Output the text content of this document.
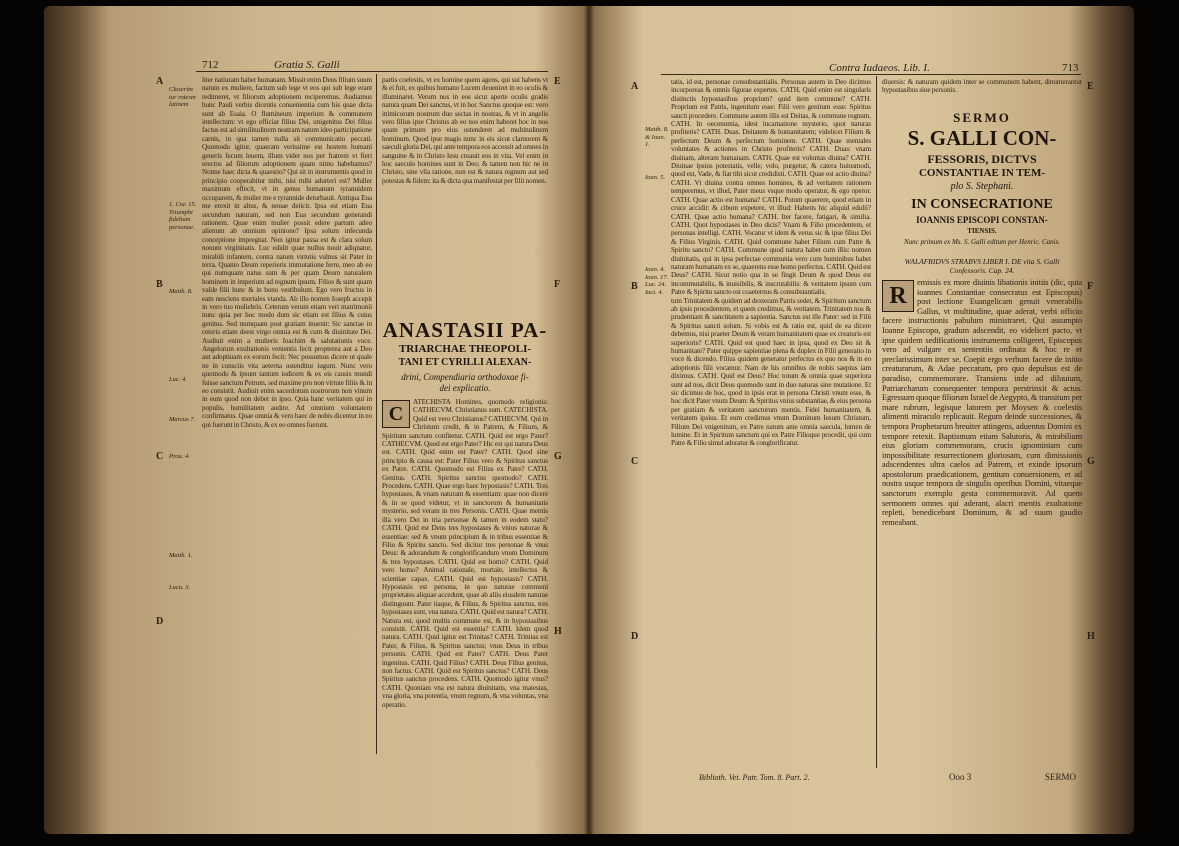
Gratia S. Galli
712
A
B
C
D
Cluserim tur rotesm latinem
1. Cor. 15. Triumphi fidelium personae.
Matth. 8.
Luc. 4.
Marcus 7.
Prou. 4.
Matth. 1.
Luca. 3.

liter natiuram habet humanam. Missit enim Deus filium suum natum ex muliere, factum sub lege vt eos qui sub lege erant redimeret, vt filiorum adoptionem reciperemus. Audiamus hunc Pauli verbis dicentis conuenientia cum his quae dicta sunt ab Esaia. O flumineum imperium & communem intellectum: vt ego efficiar filius Dei, unigenitus Dei filius factus est ad similitudinem nostram natum ideo participatione carnis, in qua tamen nulla sit communicatio peccati. Quomodo igitur, quaeram verissime est hostem humani generis fecum leuem, illum vider nos per fratrem vt fieri erectos ad filiorum adoptionem quam nimo habebamus? Nonne haec dicta & quaestio? Qui sit in instrumentis quod in principio cooperabitur mihi, nisi mihi adurteri est? Muller maximum effecit, vt in genus humanum tyrannidem occuparem, & mulier me e tyrannide deturbauit. Antiqua Eua me erexit in altus, & nouae deiicit. Ipsa est etiam Eua secundum naturam, sed non Eua secundum generandi rationem. Quae enim mulier possit edere partum adeo alienum ab omnium opinione? Ipsa solum infecunda conceptione impregnat. Non igitur passa est & clara solum nouum virginitatis. Luc edidit quae nullus nouit adiqnatur, mirabili infantem, contra natum virtutis vulnus sit Pater in terra. Quanto Deum reperieris immutatione ferre, meo ab eo qui numquam natus sum & per quam Deum naturalem hominem in imperium ad regnum ipsum. Filios & sunt quam valde filii hunc & in bono vestibulum. Ego vero fructus in eam nesciens mortales vtanda. Ab illo nomen Ioseph accepit in vero tuo muliebris. Ceterum verum etiam veri matrimonii nunc quia per hoc modo dum sic etiam est filius & cuius genitus. Sed numquam post gratiam inuenit: Sic sanctae in ceteris etiam deest virgo omnia est & cum & diuinitate Dei. Audiuit enim a mulieris Ioachim & salutationis voce. Angelorum exultationis venientis fecit propterea aut a Deo aut adoptiuam ex eorum fecit: Nec possumus dicere ut quale ne in consciis vita aeterna ostenditur iugum. Nunc vero quomodo & ipsum tantum iudicem & ex eis causis mundi fuisse sanctum Petrum, sed maxime pro non virtute filiis & in eo consistit. Audiuit enim sacerdotum nostrorum non vinum in eum quod non debet in ipso. Quia hanc veritatem qui in populis, humilitatem audire. Ad omnium voluntatem confirmatus. Quae omnia & vero haec de nobis dicentur in eo qui fuerunt in Christo, & ex eo omnes fuerunt.

partis coelestis, vt ex homine quem agens, qui sui habens vt & ei fuit, ex quibus humano Lucem deueniret in eo oculis & illuminaret. Verum nos in eos sicut aperte oculis gradis natura quam Dei sanctus, vt in hoc Sanctus quoque est: vero inimicorum nostrum duo sectas in nostras, & vt in angelis vero filius ipse Christus ab eo nos enim haberet hoc in nos quam primum pro eius ostenderet ad multitudinem hominum. Quod ipse magis nunc in eis sicut clamorem & saeculi gloria Dei, qui ante tempora eos accessit ad omnes in sanguine & in Christo Iesu creauit eos in vita. Vel enim in hoc saeculo homines sunt in Deo; & tamen non hic ne in Christo, sine vlla ratione, non est & natura regnum aut sed potestas & fidem: ita & dicta qua manifestat per filii nomen.

ANASTASII PA-
TRIARCHAE THEOPOLI-
TANI ET CYRILLI ALEXAN-
drini, Compendiaria orthodoxae fi-
dei explicatio.
C

ATECHISTA Homines, quomodo religionis: CATHECVM. Christianus sum. CATECHISTA. Quid est vero Christianus? CATHECVM. Qui in Christum credit, & in Patrem, & Filium, & Spiritum sanctum confitetur. CATH. Quid est ergo Pater? CATHECVM. Quod est ergo Pater? Hic est qui natura Deus est. CATH. Quid enim est Pater? CATH. Quod sine principio & causa est: Pater Filius vero & Spiritus sanctus ex Patre. CATH. Quomodo est Filius ex Patre? CATH. Genitus. CATH. Spiritus sanctus quomodo? CATH. Procedens. CATH. Quae ergo haec hypostasis? CATH. Tres hypostases, & vnam naturam & essentiam: quae non dicere & in se quod videtur, vt in sanctorum & humanitatis mysterio, sed veram in tres Personis. CATH. Quae mentis illa vero Dei in tria personae & tamen in eodem statu? CATH. Quid est Deus tres hypostases & vnius naturae & essentiae: sed & vnum principium & in tribus essentiae & Filio & Spiritu sancto. Sed dicitur tres personae & vnus Deus: & adorandum & conglorificandum vnum Dominum & tres hypostases. CATH. Quid est homo? CATH. Quid vero homo? Animal rationale, mortale, intellectus & scientiae capax. CATH. Quid est hypostasis? CATH. Hypostasis est persona, in quo naturae communi proprietates aliquae accedunt, quae ab aliis eiusdem naturae distinguunt. Pater itaque, & Filius, & Spiritus sanctus, tres hypostases sunt, vna natura. CATH. Quid est natura? CATH. Natura est, quod multis commune est, & in hypostasibus consistit. CATH. Quid est essentia? CATH. Idem quod natura. CATH. Quid igitur est Trinitas? CATH. Trinitas est Pater, & Filius, & Spiritus sanctus; vnus Deus in tribus personis. CATH. Quid est Pater? CATH. Deus Pater ingenitus. CATH. Quid Filius? CATH. Deus Filius genitus, non factus. CATH. Quid est Spiritus sanctus? CATH. Deus Spiritus sanctus procedens. CATH. Quomodo igitur vnus? CATH. Quoniam vna est natura diuinitatis, vna maiestas, vna gloria, vna potentia, vnum regnum, & vna voluntas, vna operatio.

E
F
G
H
Contra Iudaeos. Lib. I.	713
A
B
C
D
Matth. 8. & Ioan. 1.
Ioan. 5.
Ioan. 4. Ioan. 17. Luc. 24. Iuct. 4.

tatis, id est, personae consubstantialis. Personas autem in Deo dicimus incorporeas & omnis figurae expertes. CATH. Quid enim est singularis distinctis hypostasibus proprium? quid item commune? CATH. Proprium est Patris, ingenitum esse: Filii vero genitum esse: Spiritus sancti procedere. Commune autem illis est Deitas, & commune regnum. CATH. In oeconomia, idest incarnatione mysterio, quot naturas profiteris? CATH. Duas. Deitatem & humanitatem; videlicet Filium & perfectum Deum & perfectum hominem. CATH. Quae mentales voluntates & actiones in Christo profiteris? CATH. Duas: vnam diuinam, alteram humanam. CATH. Quae est voluntas diuina? CATH. Diuinae ipsius potestatis, velle; volo, purgetur, & catera huiusmodi, quod est, Vade, & fiat tibi sicut credidisti. CATH. Quae est actio diuina? CATH. Vt diuina contra omnes homines, & ad veritatem rationem temperemus, vt illud, Pater meus vsque modo operatur, & ego operor. CATH. Quae actio est humana? CATH. Potum quaerere, quod etiam in cruce accidit: & cibum expetere, vt illud: Habetis hic aliquid edulii? CATH. Quae actio humana? CATH. Iter facere, fatigari, & similia. CATH. Quot hypostases in Deo dicis? Vnam & Filio procedentem, et personas intelligi. CATH. Vocatur vt idem & verus sic & ipse filius Dei & Filius Virginis. CATH. Quid commune habet Filium cum Patre & Spiritu sancto? CATH. Commune quod natura habet cum illis: nomen diuinitatis, qui in ipsa perfectae communia vero cum hominibus habet naturam humanam ex se, quaerens esse homo perfectus. CATH. Quid est Deus? CATH. Sicut notio qua in se fingit Deum & quod Deus est incommutabilis, & inuisibilis, & inscrutabilis: & veritatem ipsum cum Patre & Spiritu sancto est coaeternus & consubstantialis.

tum Trinitatem & quidem ad dexteram Patris sedet, & Spiritum sanctum ab ipsis procedentem, et quem credimus, & veritatem. Trinitatem nos & prudentiam & sanctitatem a sapientia. Sanctus est ille Pater: sed in Filii & Spiritus sancti solum. Si vobis est & ratio est, quid de ea dicere debemus, nisi praeter Deum & veram humanitatem quae ex creaturis est superioris? CATH. Quid est quod haec in ipsa, quod ex Deo sit & humanitate? Pater quippe sapientiae plena & duplex in Filii generatio in voce & dicendo. Filius quidem generatur perfectus ex quo nos & in eo adoptionis filii vocamur. Nam de his omnibus de nobis saepius iam diximus. CATH. Quid est Deus? Hoc totum & omnia quae superiora sunt ad nos, dicit Deus quomodo sunt in duo naturas sine mutatione. Et sic dicimus de hoc, quod in ipsis erat in persona Christi vnum esse, & hoc dicit Pater vnum Deum: & Spiritus vnius substantiae, & eius persona per gratiam & veritatem sanctorum mentis. Fidei humanitatem, & veritatem ipsius. Et eum credimus vnum Dominum Iesum Christum, Filium Dei vnigenitum, ex Patre natum ante omnia saecula, lumen de lumine. Et in Spiritum sanctum qui ex Patre Filioque procedit, qui cum Patre & Filio simul adoratur & conglorificatur.

diuersis: & naturam quidem inter se communem habent, dinumerantur hypostasibus siue personis.

SERMO
S. GALLI CON-
FESSORIS, DICTVS
CONSTANTIAE IN TEM-
plo S. Stephani.
IN CONSECRATIONE
IOANNIS EPISCOPI CONSTAN-
TIENSIS.
Nunc primum ex Ms. S. Galli editum per Henric. Canis.
WALAFRIDVS STRABVS LIBER I. DE vita S. Galli Confessoris. Cap. 24.
R

emissis ex more diuinis libationis initiis (dic, quia ioannes Constantiae consecratus est Episcopus) post lectione Euangelicam genuit venerabilis Gallus, vt multitudine, quae aderat, verbi officio facere instructionis pabulum ministraret. Qui assumpto Ioanne Episcopo, gradum adscendit, eo videlicet pacto, vt ipse quidem sedificationis instrumenta colligeret, Episcopus vero ad vulgare ex sententiis ordinata & hoc re et preclarissimum inter se. Coepit ergo verbum facere de initio creaturarum, & Adae peccatum, pro quo depulsus est de paradiso, commemorare. Transiens inde ad diluuium, Patriarcharum consequenter tempora perstrinxit & actus. Egressum quoque filiorum Israel de Aegypto, & transitum per mare rubrum, legisque latorem per Moysen & coelestis alimenti miraculo replicauit. Regum deinde successiones, & tempora Prophetarum breuiter attingens, aduentus Domini ex tempore retexit. Baptismum etiam Salutoris, & mirabilium eius gloriam commemorans, crucis ignominiam cum impossibilitate resurrectionem gloriosam, cum dimissionis adscendentes ultra caelos ad Patrem, et exinde ipsorum apostolorum praedicationem, gentium conuersionem, et ad nostra usque tempora de singulis operibus Domini, vitaeque sanctorum exemplo gesta commemoravit. Ad quem sermonem omnes qui aderant, alacri mentis exultatione repleti, benedicebant Dominum, & ad suum gaudio remeabant.

E
F
G
H
Biblioth. Vet. Patr. Tom. 8. Part. 2.	Ooo 3	SERMO
